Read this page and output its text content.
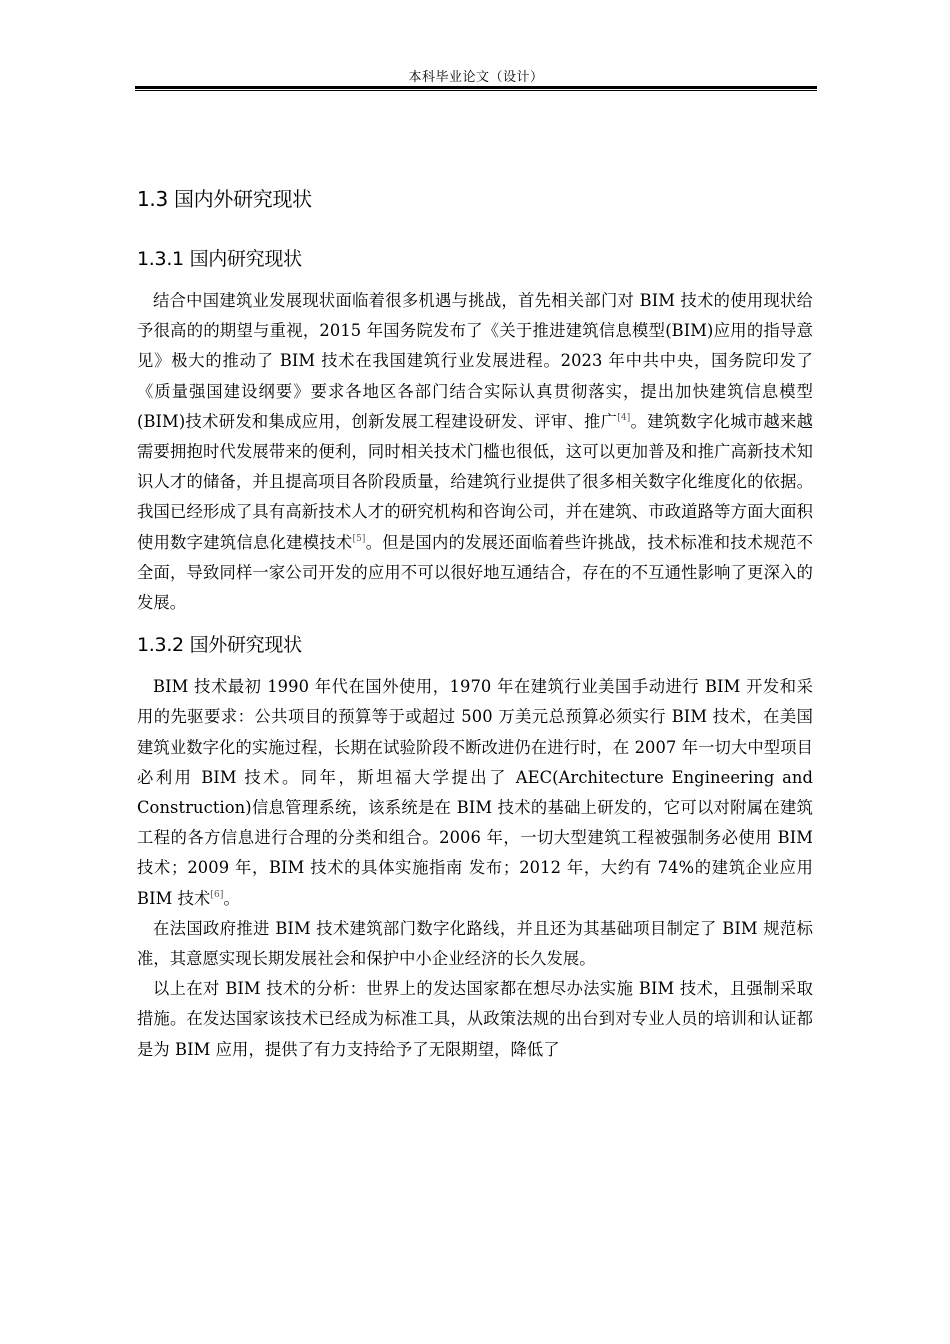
本科毕业论文（设计）
1.3 国内外研究现状
1.3.1 国内研究现状

结合中国建筑业发展现状面临着很多机遇与挑战，首先相关部门对 BIM 技术的使用现状给予很高的的期望与重视，2015 年国务院发布了《关于推进建筑信息模型(BIM)应用的指导意见》极大的推动了 BIM 技术在我国建筑行业发展进程。2023 年中共中央，国务院印发了《质量强国建设纲要》要求各地区各部门结合实际认真贯彻落实，提出加快建筑信息模型(BIM)技术研发和集成应用，创新发展工程建设研发、评审、推广[4]。建筑数字化城市越来越需要拥抱时代发展带来的便利，同时相关技术门槛也很低，这可以更加普及和推广高新技术知识人才的储备，并且提高项目各阶段质量，给建筑行业提供了很多相关数字化维度化的依据。我国已经形成了具有高新技术人才的研究机构和咨询公司，并在建筑、市政道路等方面大面积使用数字建筑信息化建模技术[5]。但是国内的发展还面临着些许挑战，技术标准和技术规范不全面，导致同样一家公司开发的应用不可以很好地互通结合，存在的不互通性影响了更深入的发展。

1.3.2 国外研究现状

BIM 技术最初 1990 年代在国外使用，1970 年在建筑行业美国手动进行 BIM 开发和采用的先驱要求：公共项目的预算等于或超过 500 万美元总预算必须实行 BIM 技术，在美国建筑业数字化的实施过程，长期在试验阶段不断改进仍在进行时，在 2007 年一切大中型项目必利用 BIM 技术。同年，斯坦福大学提出了 AEC(Architecture Engineering and Construction)信息管理系统，该系统是在 BIM 技术的基础上研发的，它可以对附属在建筑工程的各方信息进行合理的分类和组合。2006 年，一切大型建筑工程被强制务必使用 BIM 技术；2009 年，BIM 技术的具体实施指南 发布；2012 年，大约有 74%的建筑企业应用 BIM 技术[6]。

在法国政府推进 BIM 技术建筑部门数字化路线，并且还为其基础项目制定了 BIM 规范标准，其意愿实现长期发展社会和保护中小企业经济的长久发展。

以上在对 BIM 技术的分析：世界上的发达国家都在想尽办法实施 BIM 技术，且强制采取措施。在发达国家该技术已经成为标准工具，从政策法规的出台到对专业人员的培训和认证都是为 BIM 应用，提供了有力支持给予了无限期望，降低了
